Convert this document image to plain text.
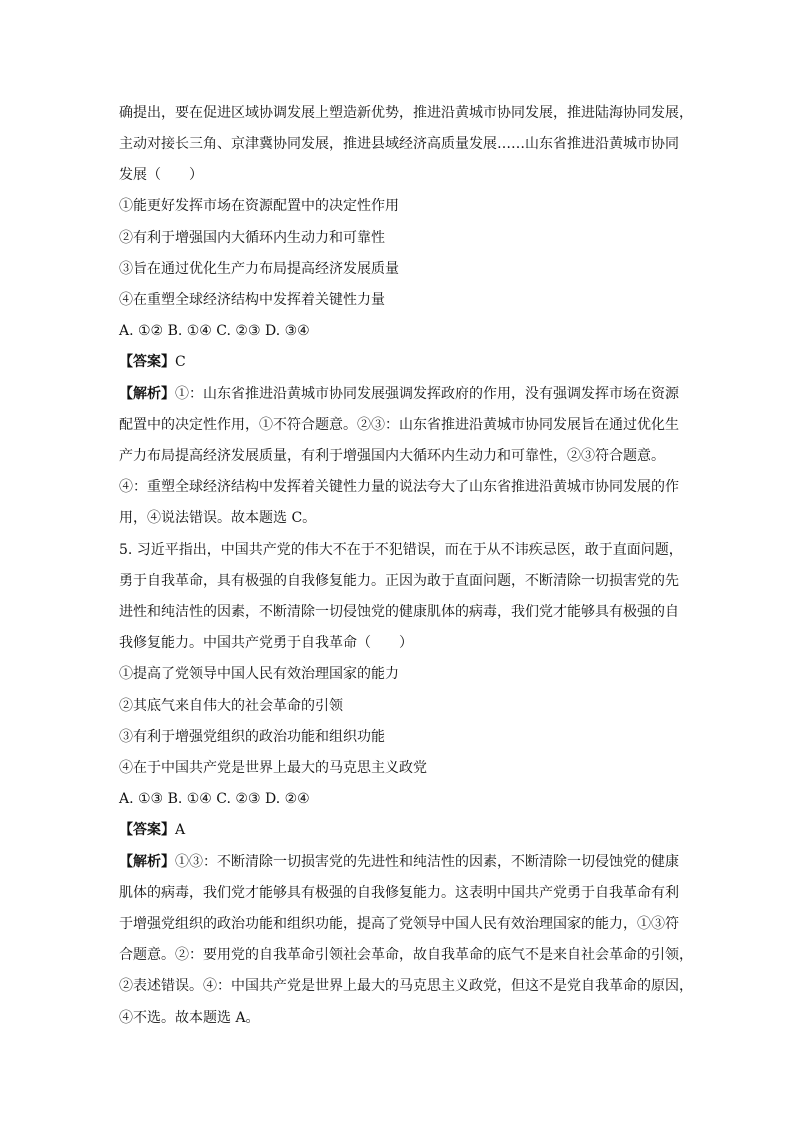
确提出，要在促进区域协调发展上塑造新优势，推进沿黄城市协同发展，推进陆海协同发展，
主动对接长三角、京津冀协同发展，推进县域经济高质量发展……山东省推进沿黄城市协同
发展（　　）
①能更好发挥市场在资源配置中的决定性作用
②有利于增强国内大循环内生动力和可靠性
③旨在通过优化生产力布局提高经济发展质量
④在重塑全球经济结构中发挥着关键性力量
A. ①② B. ①④ C. ②③ D. ③④
【答案】C
【解析】①：山东省推进沿黄城市协同发展强调发挥政府的作用，没有强调发挥市场在资源
配置中的决定性作用，①不符合题意。②③：山东省推进沿黄城市协同发展旨在通过优化生
产力布局提高经济发展质量，有利于增强国内大循环内生动力和可靠性，②③符合题意。
④：重塑全球经济结构中发挥着关键性力量的说法夸大了山东省推进沿黄城市协同发展的作
用，④说法错误。故本题选 C。
5. 习近平指出，中国共产党的伟大不在于不犯错误，而在于从不讳疾忌医，敢于直面问题，
勇于自我革命，具有极强的自我修复能力。正因为敢于直面问题，不断清除一切损害党的先
进性和纯洁性的因素，不断清除一切侵蚀党的健康肌体的病毒，我们党才能够具有极强的自
我修复能力。中国共产党勇于自我革命（　　）
①提高了党领导中国人民有效治理国家的能力
②其底气来自伟大的社会革命的引领
③有利于增强党组织的政治功能和组织功能
④在于中国共产党是世界上最大的马克思主义政党
A. ①③ B. ①④ C. ②③ D. ②④
【答案】A
【解析】①③：不断清除一切损害党的先进性和纯洁性的因素，不断清除一切侵蚀党的健康
肌体的病毒，我们党才能够具有极强的自我修复能力。这表明中国共产党勇于自我革命有利
于增强党组织的政治功能和组织功能，提高了党领导中国人民有效治理国家的能力，①③符
合题意。②：要用党的自我革命引领社会革命，故自我革命的底气不是来自社会革命的引领，
②表述错误。④：中国共产党是世界上最大的马克思主义政党，但这不是党自我革命的原因，
④不选。故本题选 A。
